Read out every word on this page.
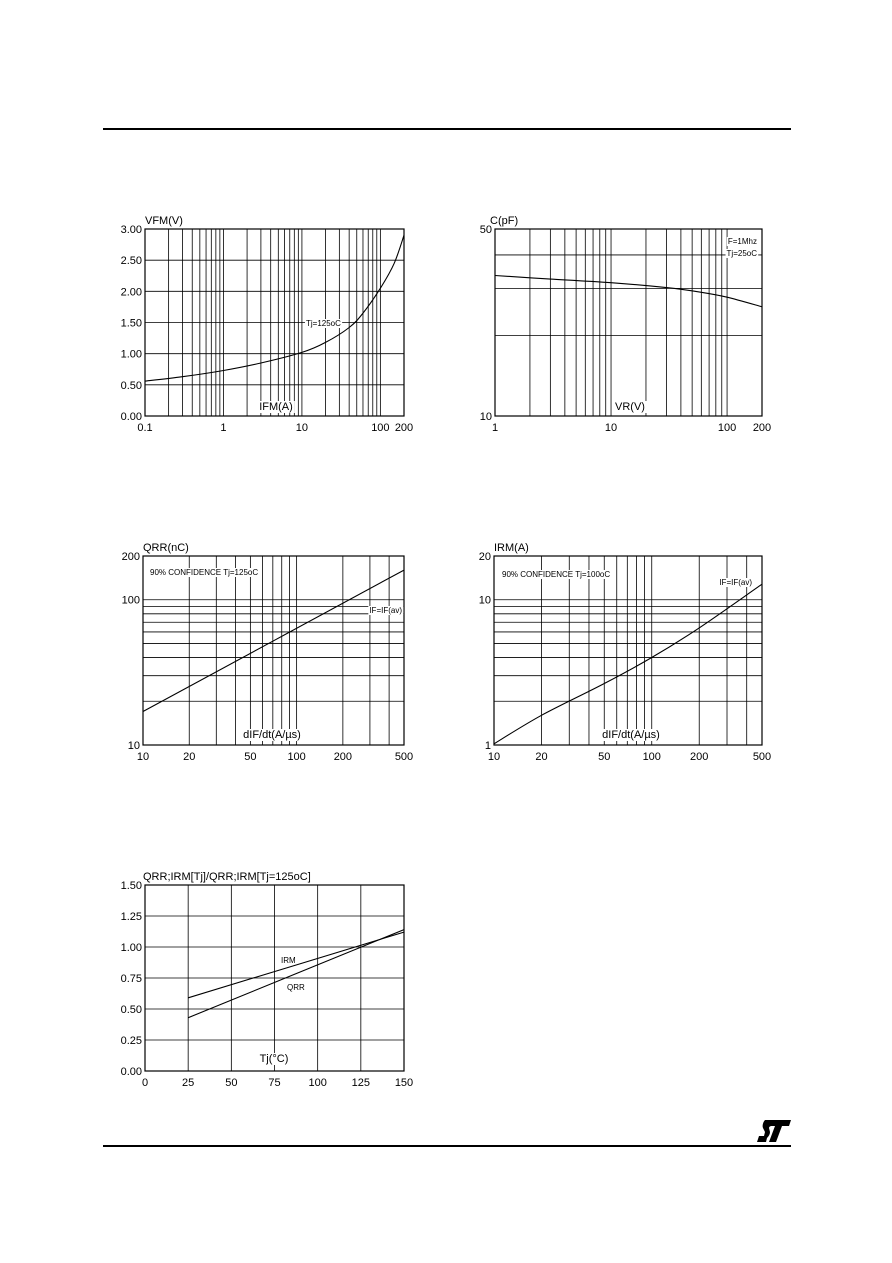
0.1	1	10	100 200
0.00
0.50
1.00
1.50
2.00
2.50
3.00
VFM(V)
IFM(A)
Tj=125oC
1	10	100 200
10
50
C(pF)
VR(V)
F=1Mhz
Tj=25oC
10	20	50	100	200	500
10
100
200
QRR(nC)
dIF/dt(A/µs)
90% CONFIDENCE Tj=125oC
IF=IF(av)
10	20	50	100	200	500
1
10
20
IRM(A)
dIF/dt(A/µs)
90% CONFIDENCE Tj=100oC
IF=IF(av)
0	25	50	75	100 125 150
0.00
0.25
0.50
0.75
1.00
1.25
1.50
QRR;IRM[Tj]/QRR;IRM[Tj=125oC]
Tj(°C)
IRM
QRR
